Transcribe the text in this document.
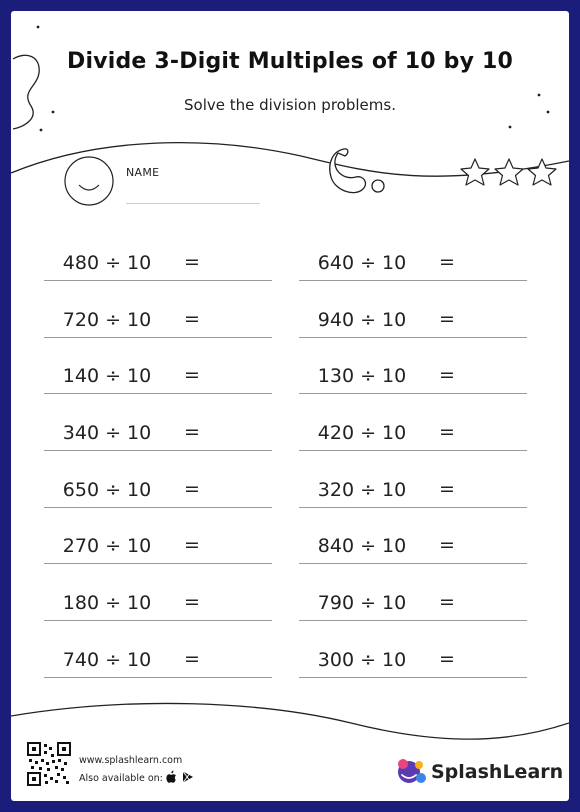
Divide 3-Digit Multiples of 10 by 10
Solve the division problems.
NAME
480 ÷ 10	=	640 ÷ 10	=
720 ÷ 10	=	940 ÷ 10	=
140 ÷ 10	=	130 ÷ 10	=
340 ÷ 10	=	420 ÷ 10	=
650 ÷ 10	=	320 ÷ 10	=
270 ÷ 10	=	840 ÷ 10	=
180 ÷ 10	=	790 ÷ 10	=
740 ÷ 10	=	300 ÷ 10	=
www.splashlearn.com
Also available on:	SplashLearn
